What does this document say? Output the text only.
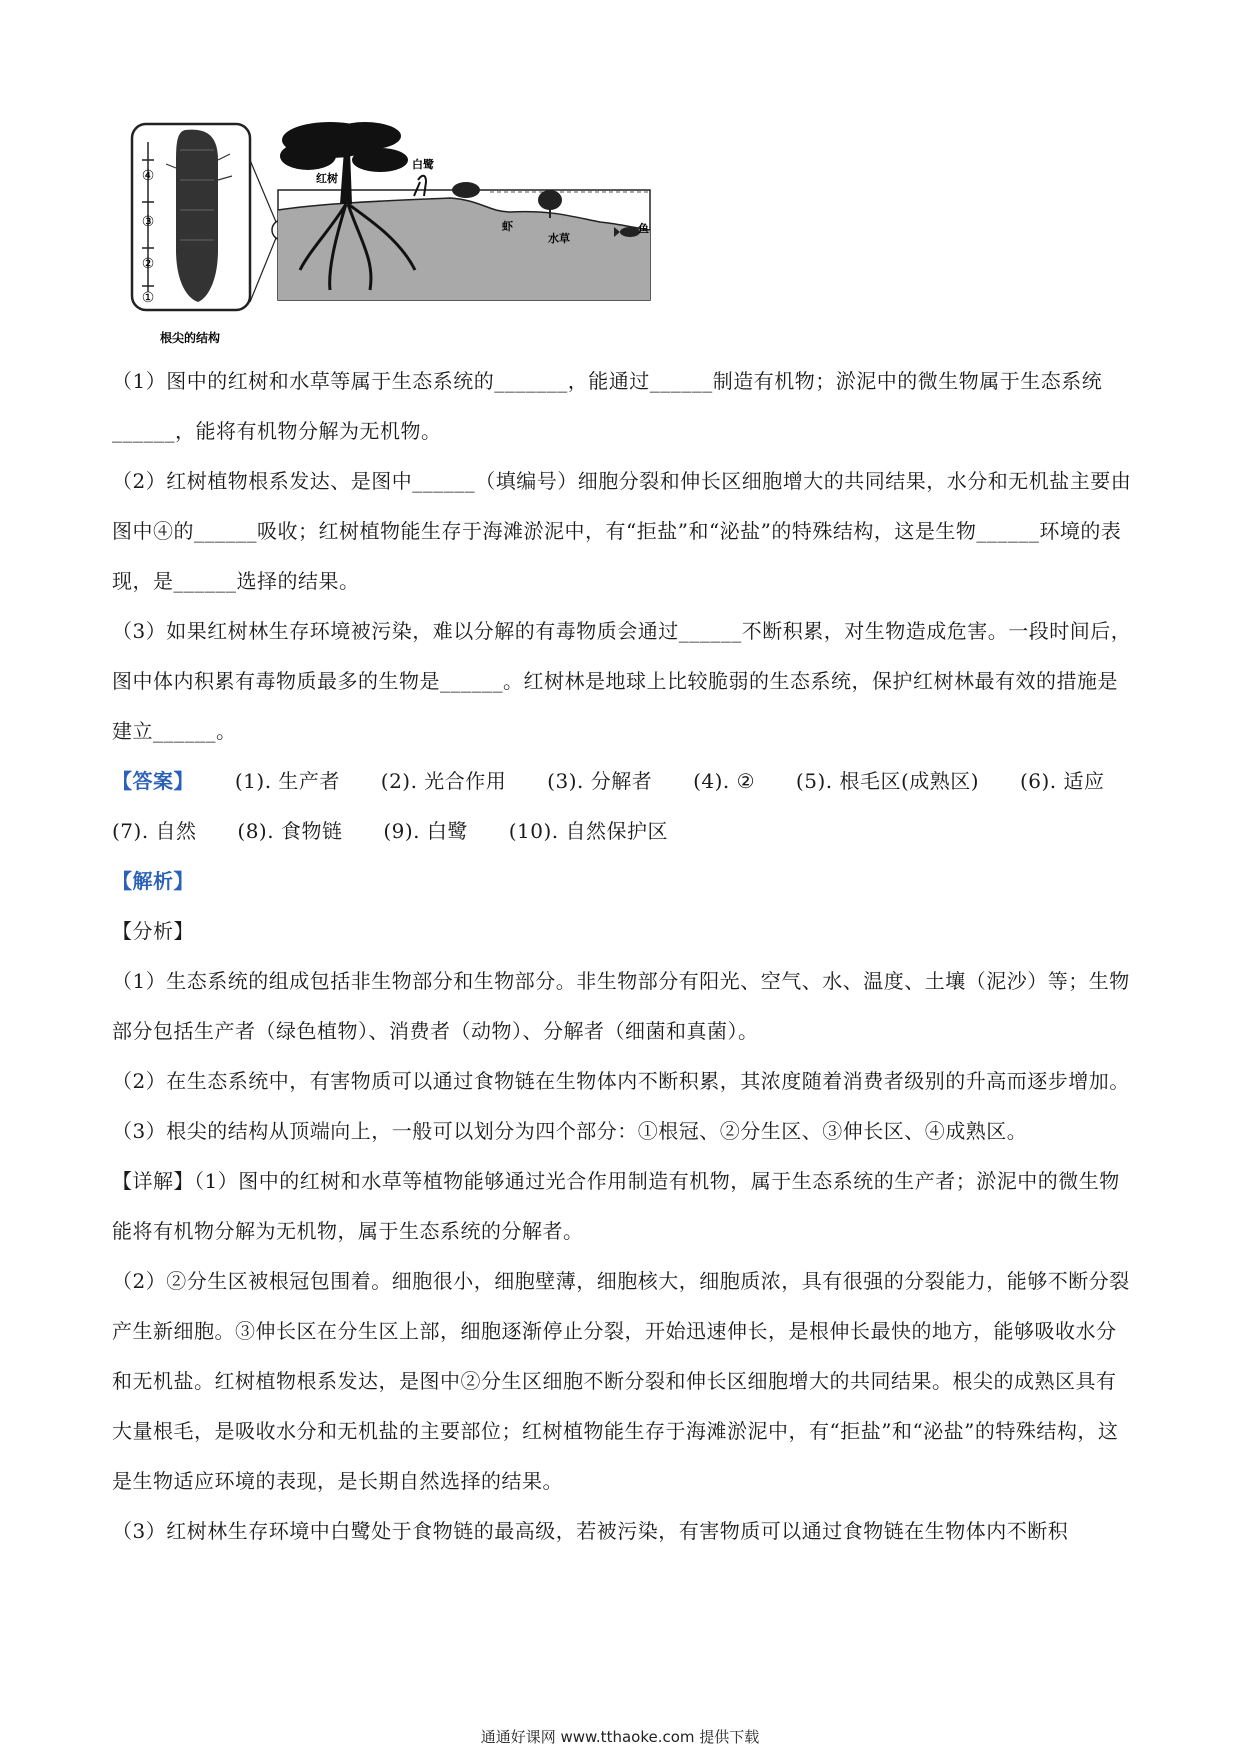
④
③
②
①
根尖的结构
红树
白鹭
虾
水草
鱼

（1）图中的红树和水草等属于生态系统的_______，能通过______制造有机物；淤泥中的微生物属于生态系统______，能将有机物分解为无机物。

（2）红树植物根系发达、是图中______（填编号）细胞分裂和伸长区细胞增大的共同结果，水分和无机盐主要由图中④的______吸收；红树植物能生存于海滩淤泥中，有“拒盐”和“泌盐”的特殊结构，这是生物______环境的表现，是______选择的结果。

（3）如果红树林生存环境被污染，难以分解的有毒物质会通过______不断积累，对生物造成危害。一段时间后，图中体内积累有毒物质最多的生物是______。红树林是地球上比较脆弱的生态系统，保护红树林最有效的措施是建立______。

【答案】 (1). 生产者 (2). 光合作用 (3). 分解者 (4). ② (5). 根毛区(成熟区) (6). 适应
(7). 自然 (8). 食物链 (9). 白鹭 (10). 自然保护区

【解析】

【分析】

（1）生态系统的组成包括非生物部分和生物部分。非生物部分有阳光、空气、水、温度、土壤（泥沙）等；生物部分包括生产者（绿色植物）、消费者（动物）、分解者（细菌和真菌）。

（2）在生态系统中，有害物质可以通过食物链在生物体内不断积累，其浓度随着消费者级别的升高而逐步增加。

（3）根尖的结构从顶端向上，一般可以划分为四个部分：①根冠、②分生区、③伸长区、④成熟区。

【详解】（1）图中的红树和水草等植物能够通过光合作用制造有机物，属于生态系统的生产者；淤泥中的微生物能将有机物分解为无机物，属于生态系统的分解者。

（2）②分生区被根冠包围着。细胞很小，细胞壁薄，细胞核大，细胞质浓，具有很强的分裂能力，能够不断分裂产生新细胞。③伸长区在分生区上部，细胞逐渐停止分裂，开始迅速伸长，是根伸长最快的地方，能够吸收水分和无机盐。红树植物根系发达，是图中②分生区细胞不断分裂和伸长区细胞增大的共同结果。根尖的成熟区具有大量根毛，是吸收水分和无机盐的主要部位；红树植物能生存于海滩淤泥中，有“拒盐”和“泌盐”的特殊结构，这是生物适应环境的表现，是长期自然选择的结果。

（3）红树林生存环境中白鹭处于食物链的最高级，若被污染，有害物质可以通过食物链在生物体内不断积

通通好课网 www.tthaoke.com 提供下载
